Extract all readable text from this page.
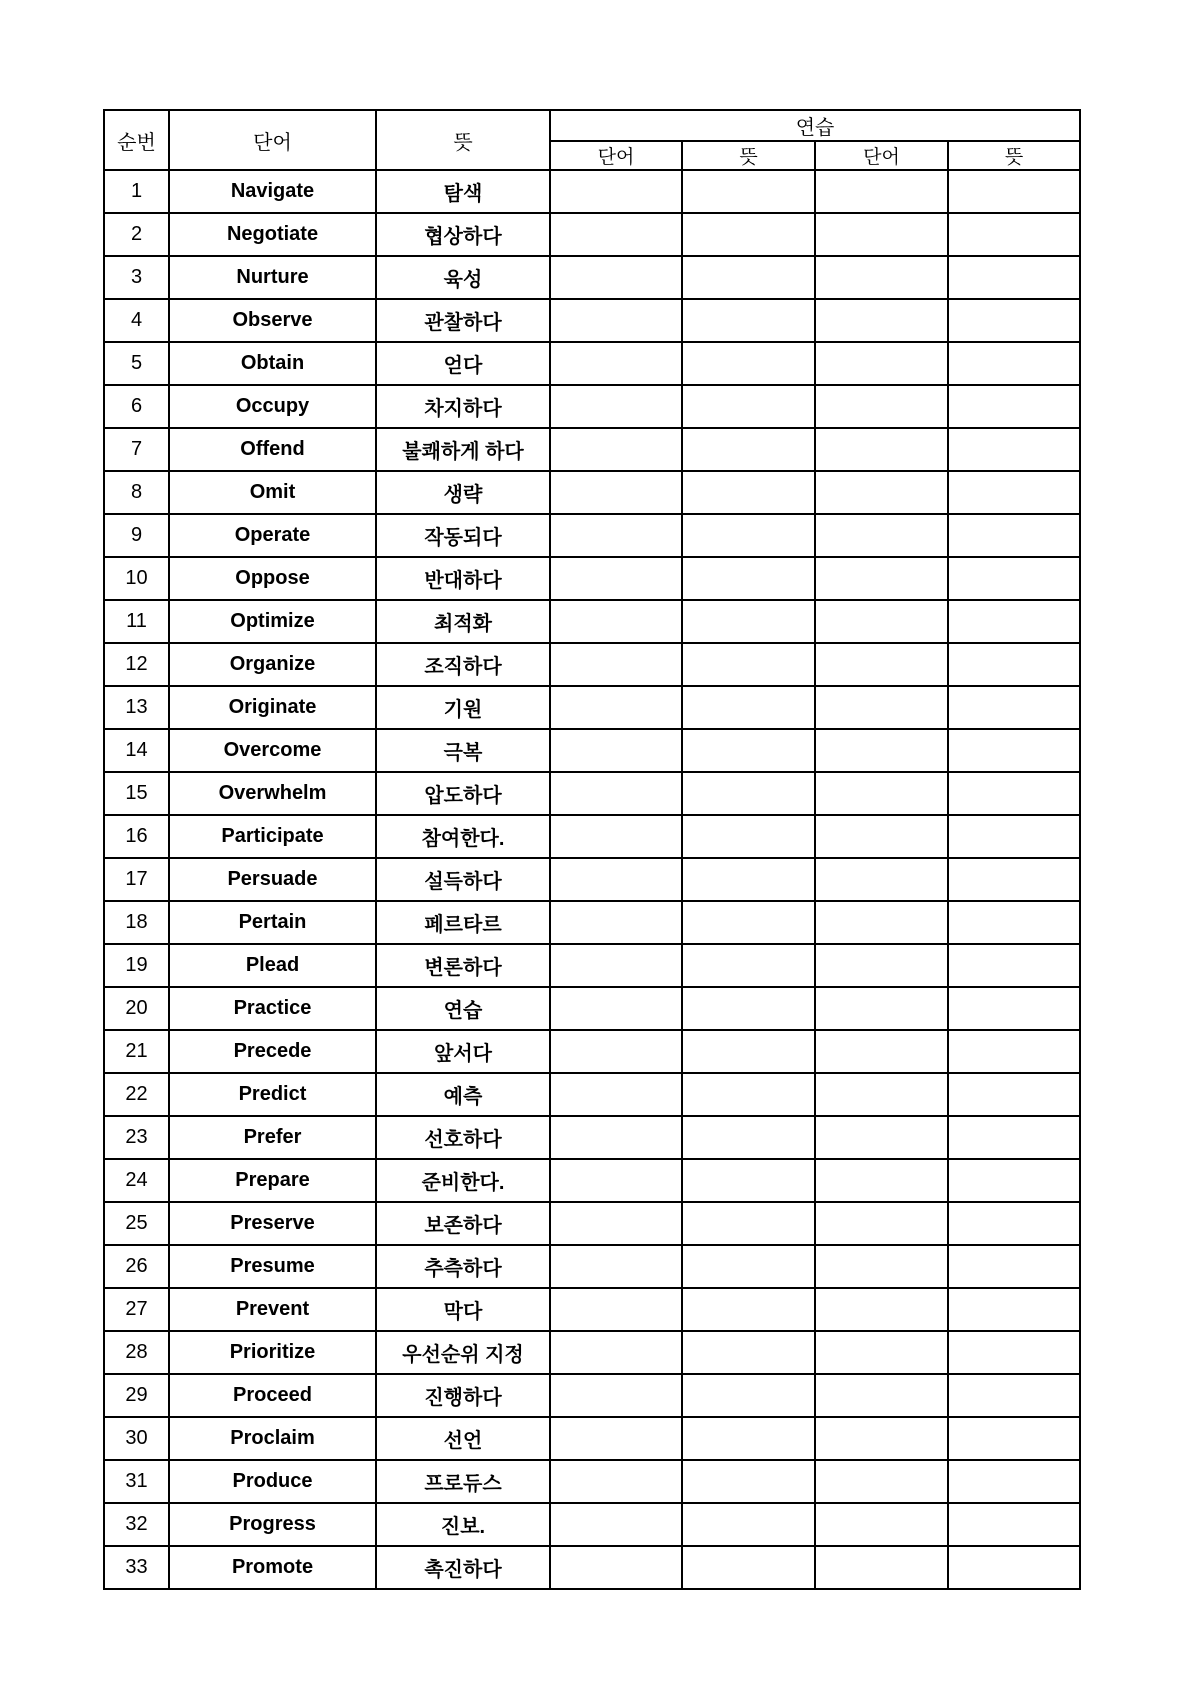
순번	단어	뜻	연습			
			단어	뜻	단어	뜻
1	Navigate	탐색				
2	Negotiate	협상하다				
3	Nurture	육성				
4	Observe	관찰하다				
5	Obtain	얻다				
6	Occupy	차지하다				
7	Offend	불쾌하게 하다				
8	Omit	생략				
9	Operate	작동되다				
10	Oppose	반대하다				
11	Optimize	최적화				
12	Organize	조직하다				
13	Originate	기원				
14	Overcome	극복				
15	Overwhelm	압도하다				
16	Participate	참여한다.				
17	Persuade	설득하다				
18	Pertain	페르타르				
19	Plead	변론하다				
20	Practice	연습				
21	Precede	앞서다				
22	Predict	예측				
23	Prefer	선호하다				
24	Prepare	준비한다.				
25	Preserve	보존하다				
26	Presume	추측하다				
27	Prevent	막다				
28	Prioritize	우선순위 지정				
29	Proceed	진행하다				
30	Proclaim	선언				
31	Produce	프로듀스				
32	Progress	진보.				
33	Promote	촉진하다				
